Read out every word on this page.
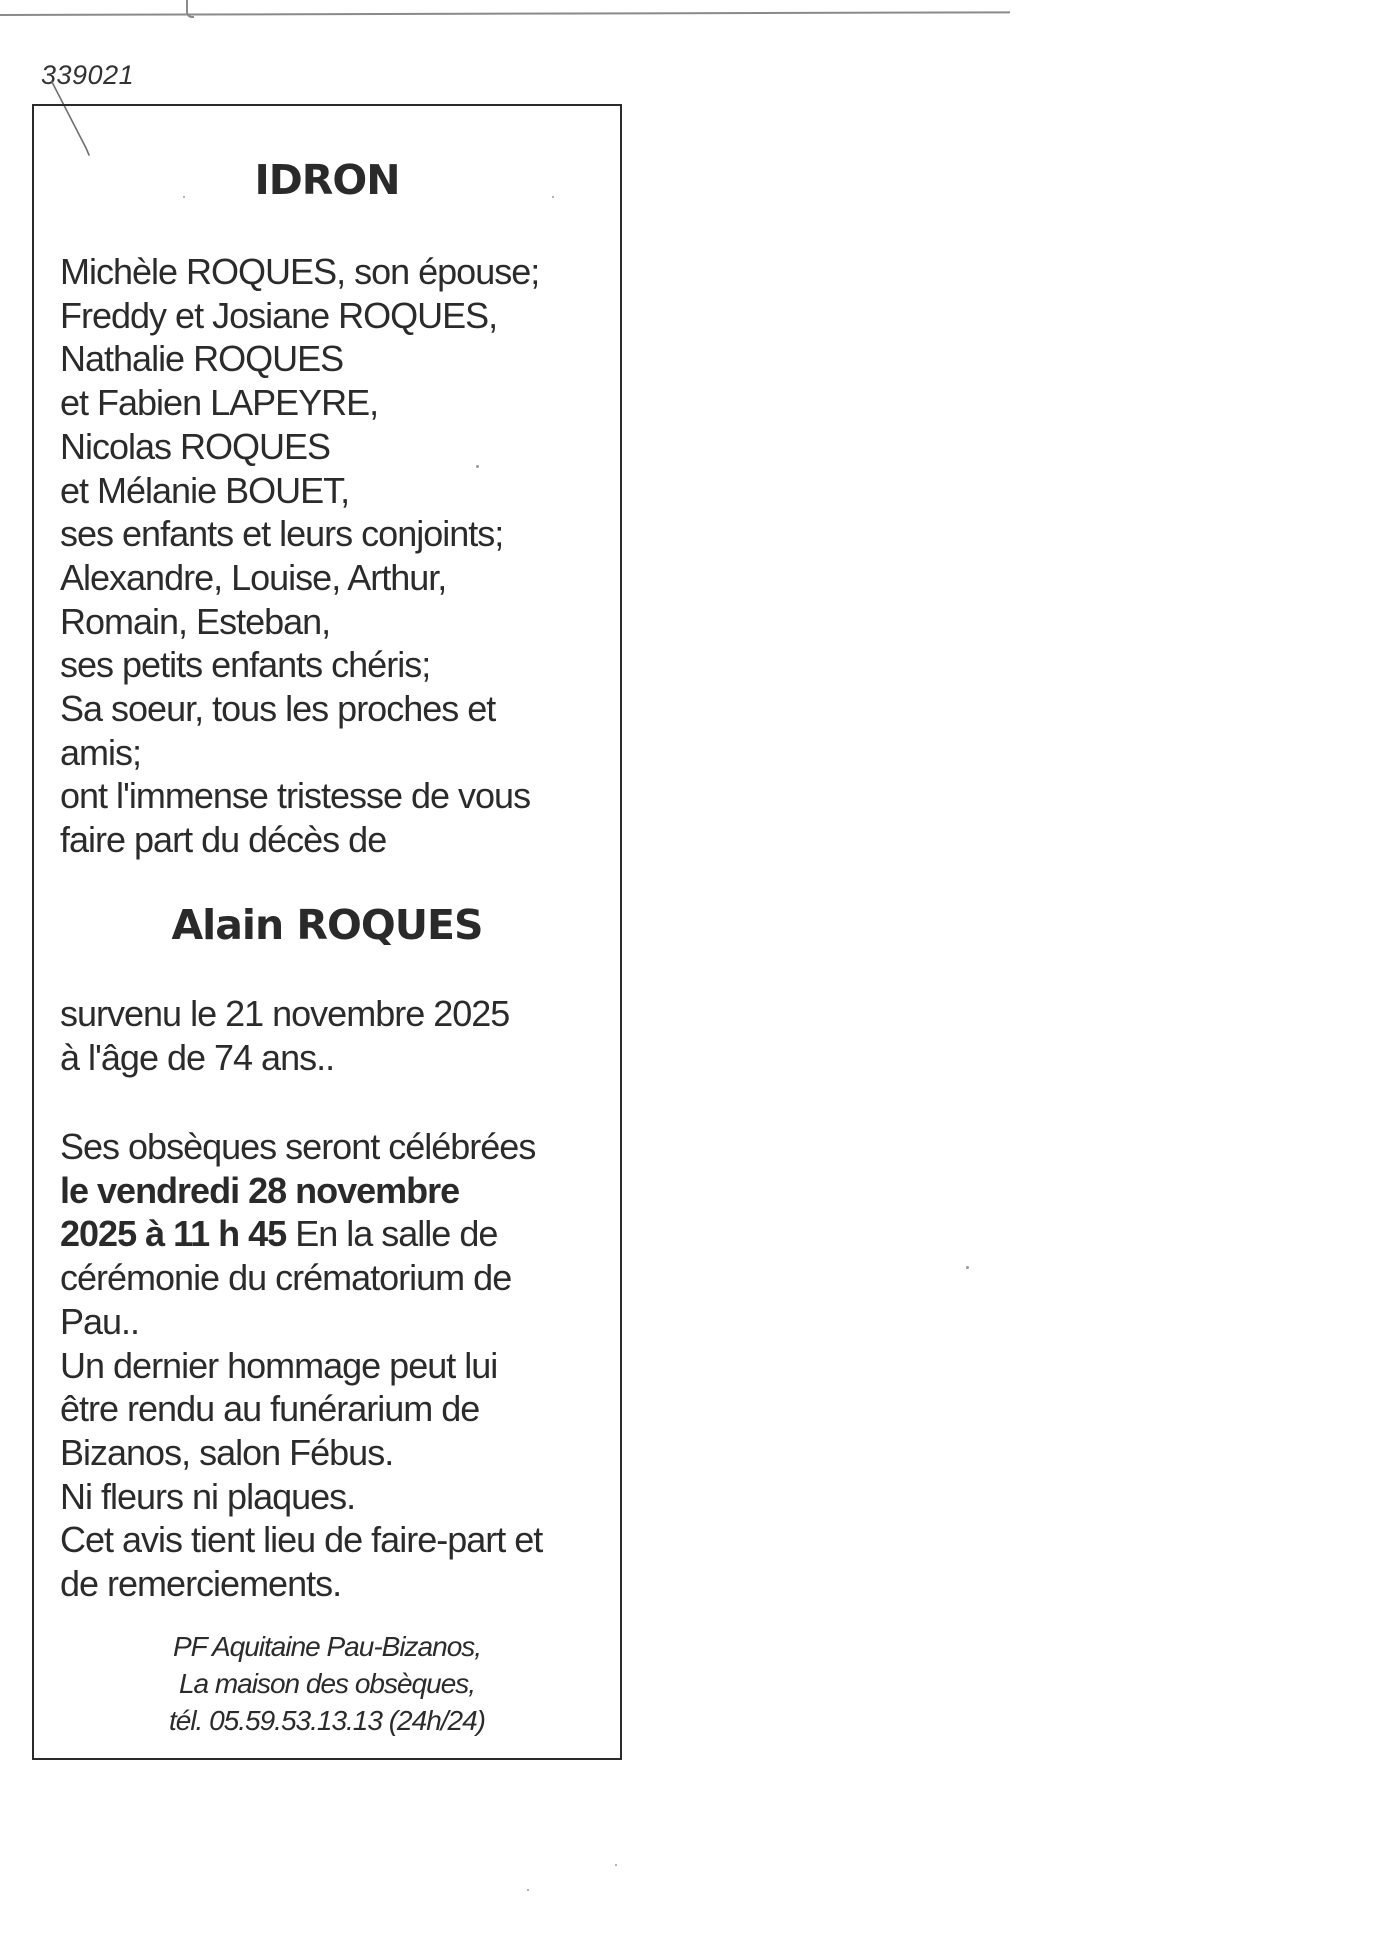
339021
IDRON
Michèle ROQUES, son épouse;
Freddy et Josiane ROQUES,
Nathalie ROQUES
et Fabien LAPEYRE,
Nicolas ROQUES
et Mélanie BOUET,
ses enfants et leurs conjoints;
Alexandre, Louise, Arthur,
Romain, Esteban,
ses petits enfants chéris;
Sa soeur, tous les proches et
amis;
ont l'immense tristesse de vous
faire part du décès de
Alain ROQUES
survenu le 21 novembre 2025
à l'âge de 74 ans..
Ses obsèques seront célébrées
le vendredi 28 novembre
2025 à 11 h 45 En la salle de
cérémonie du crématorium de
Pau..
Un dernier hommage peut lui
être rendu au funérarium de
Bizanos, salon Fébus.
Ni fleurs ni plaques.
Cet avis tient lieu de faire-part et
de remerciements.
PF Aquitaine Pau-Bizanos,
La maison des obsèques,
tél. 05.59.53.13.13 (24h/24)
